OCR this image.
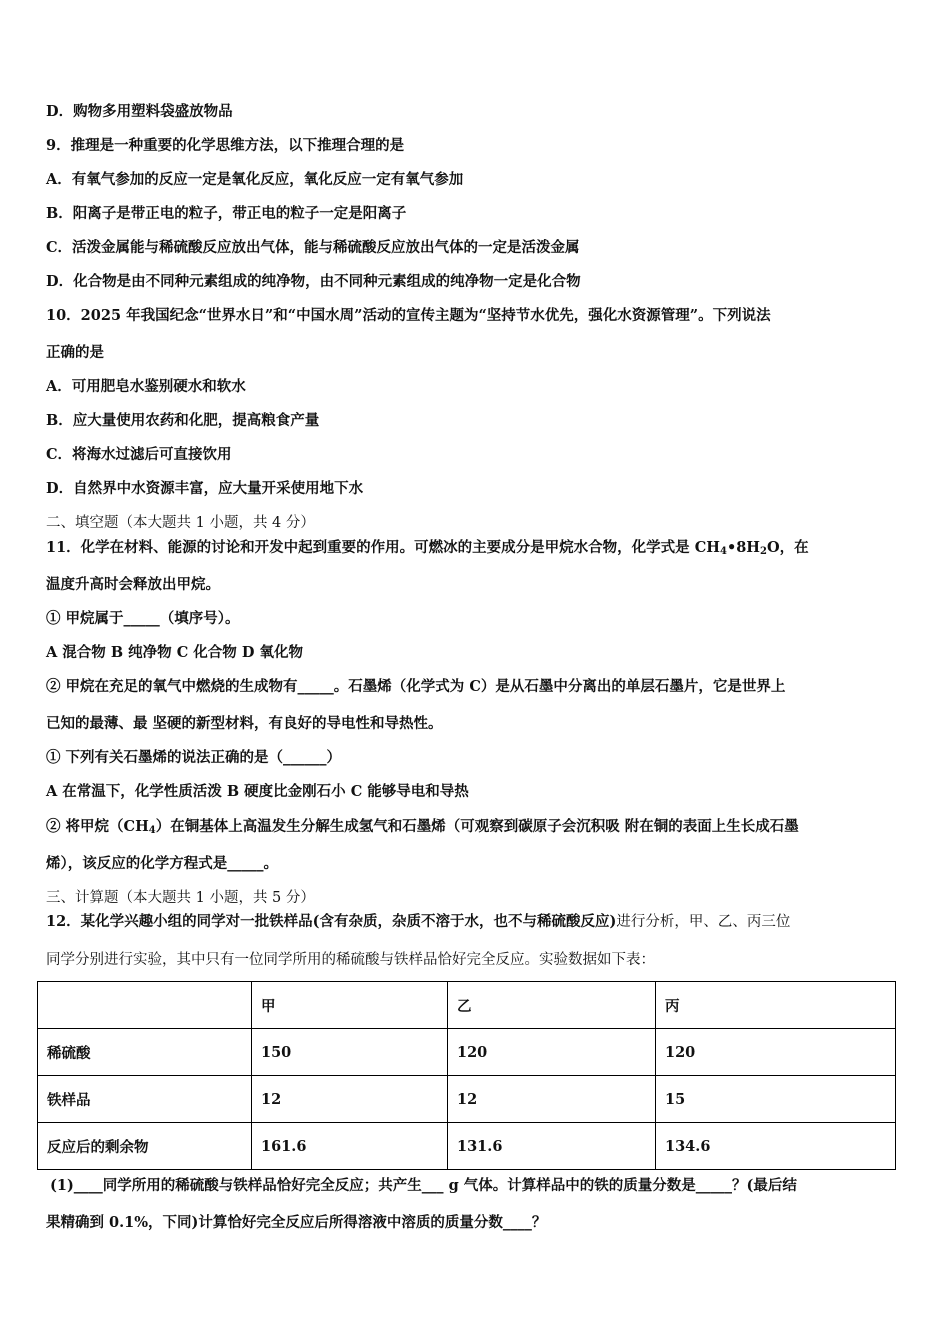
D．购物多用塑料袋盛放物品
9．推理是一种重要的化学思维方法，以下推理合理的是
A．有氧气参加的反应一定是氧化反应，氧化反应一定有氧气参加
B．阳离子是带正电的粒子，带正电的粒子一定是阳离子
C．活泼金属能与稀硫酸反应放出气体，能与稀硫酸反应放出气体的一定是活泼金属
D．化合物是由不同种元素组成的纯净物，由不同种元素组成的纯净物一定是化合物
10．2025 年我国纪念“世界水日”和“中国水周”活动的宣传主题为“坚持节水优先，强化水资源管理”。下列说法
正确的是
A．可用肥皂水鉴别硬水和软水
B．应大量使用农药和化肥，提高粮食产量
C．将海水过滤后可直接饮用
D．自然界中水资源丰富，应大量开采使用地下水
二、填空题（本大题共 1 小题，共 4 分）
11．化学在材料、能源的讨论和开发中起到重要的作用。可燃冰的主要成分是甲烷水合物，化学式是 $CH_4•8H_2O$，在
温度升高时会释放出甲烷。
① 甲烷属于_____（填序号）。
A 混合物 B 纯净物 C 化合物 D 氧化物
② 甲烷在充足的氧气中燃烧的生成物有_____。石墨烯（化学式为 C）是从石墨中分离出的单层石墨片，它是世界上
已知的最薄、最 坚硬的新型材料，有良好的导电性和导热性。
① 下列有关石墨烯的说法正确的是（______）
A 在常温下，化学性质活泼 B 硬度比金刚石小 C 能够导电和导热
② 将甲烷$(CH_4)$在铜基体上高温发生分解生成氢气和石墨烯（可观察到碳原子会沉积吸 附在铜的表面上生长成石墨
烯），该反应的化学方程式是_____。
三、计算题（本大题共 1 小题，共 5 分）
12．某化学兴趣小组的同学对一批铁样品(含有杂质，杂质不溶于水，也不与稀硫酸反应)进行分析，甲、乙、丙三位
同学分别进行实验，其中只有一位同学所用的稀硫酸与铁样品恰好完全反应。实验数据如下表：
	甲	乙	丙
稀硫酸	150	120	120
铁样品	12	12	15
反应后的剩余物	161.6	131.6	134.6
(1)____同学所用的稀硫酸与铁样品恰好完全反应；共产生___ g 气体。计算样品中的铁的质量分数是_____？(最后结
果精确到 0.1%，下同)计算恰好完全反应后所得溶液中溶质的质量分数____？
